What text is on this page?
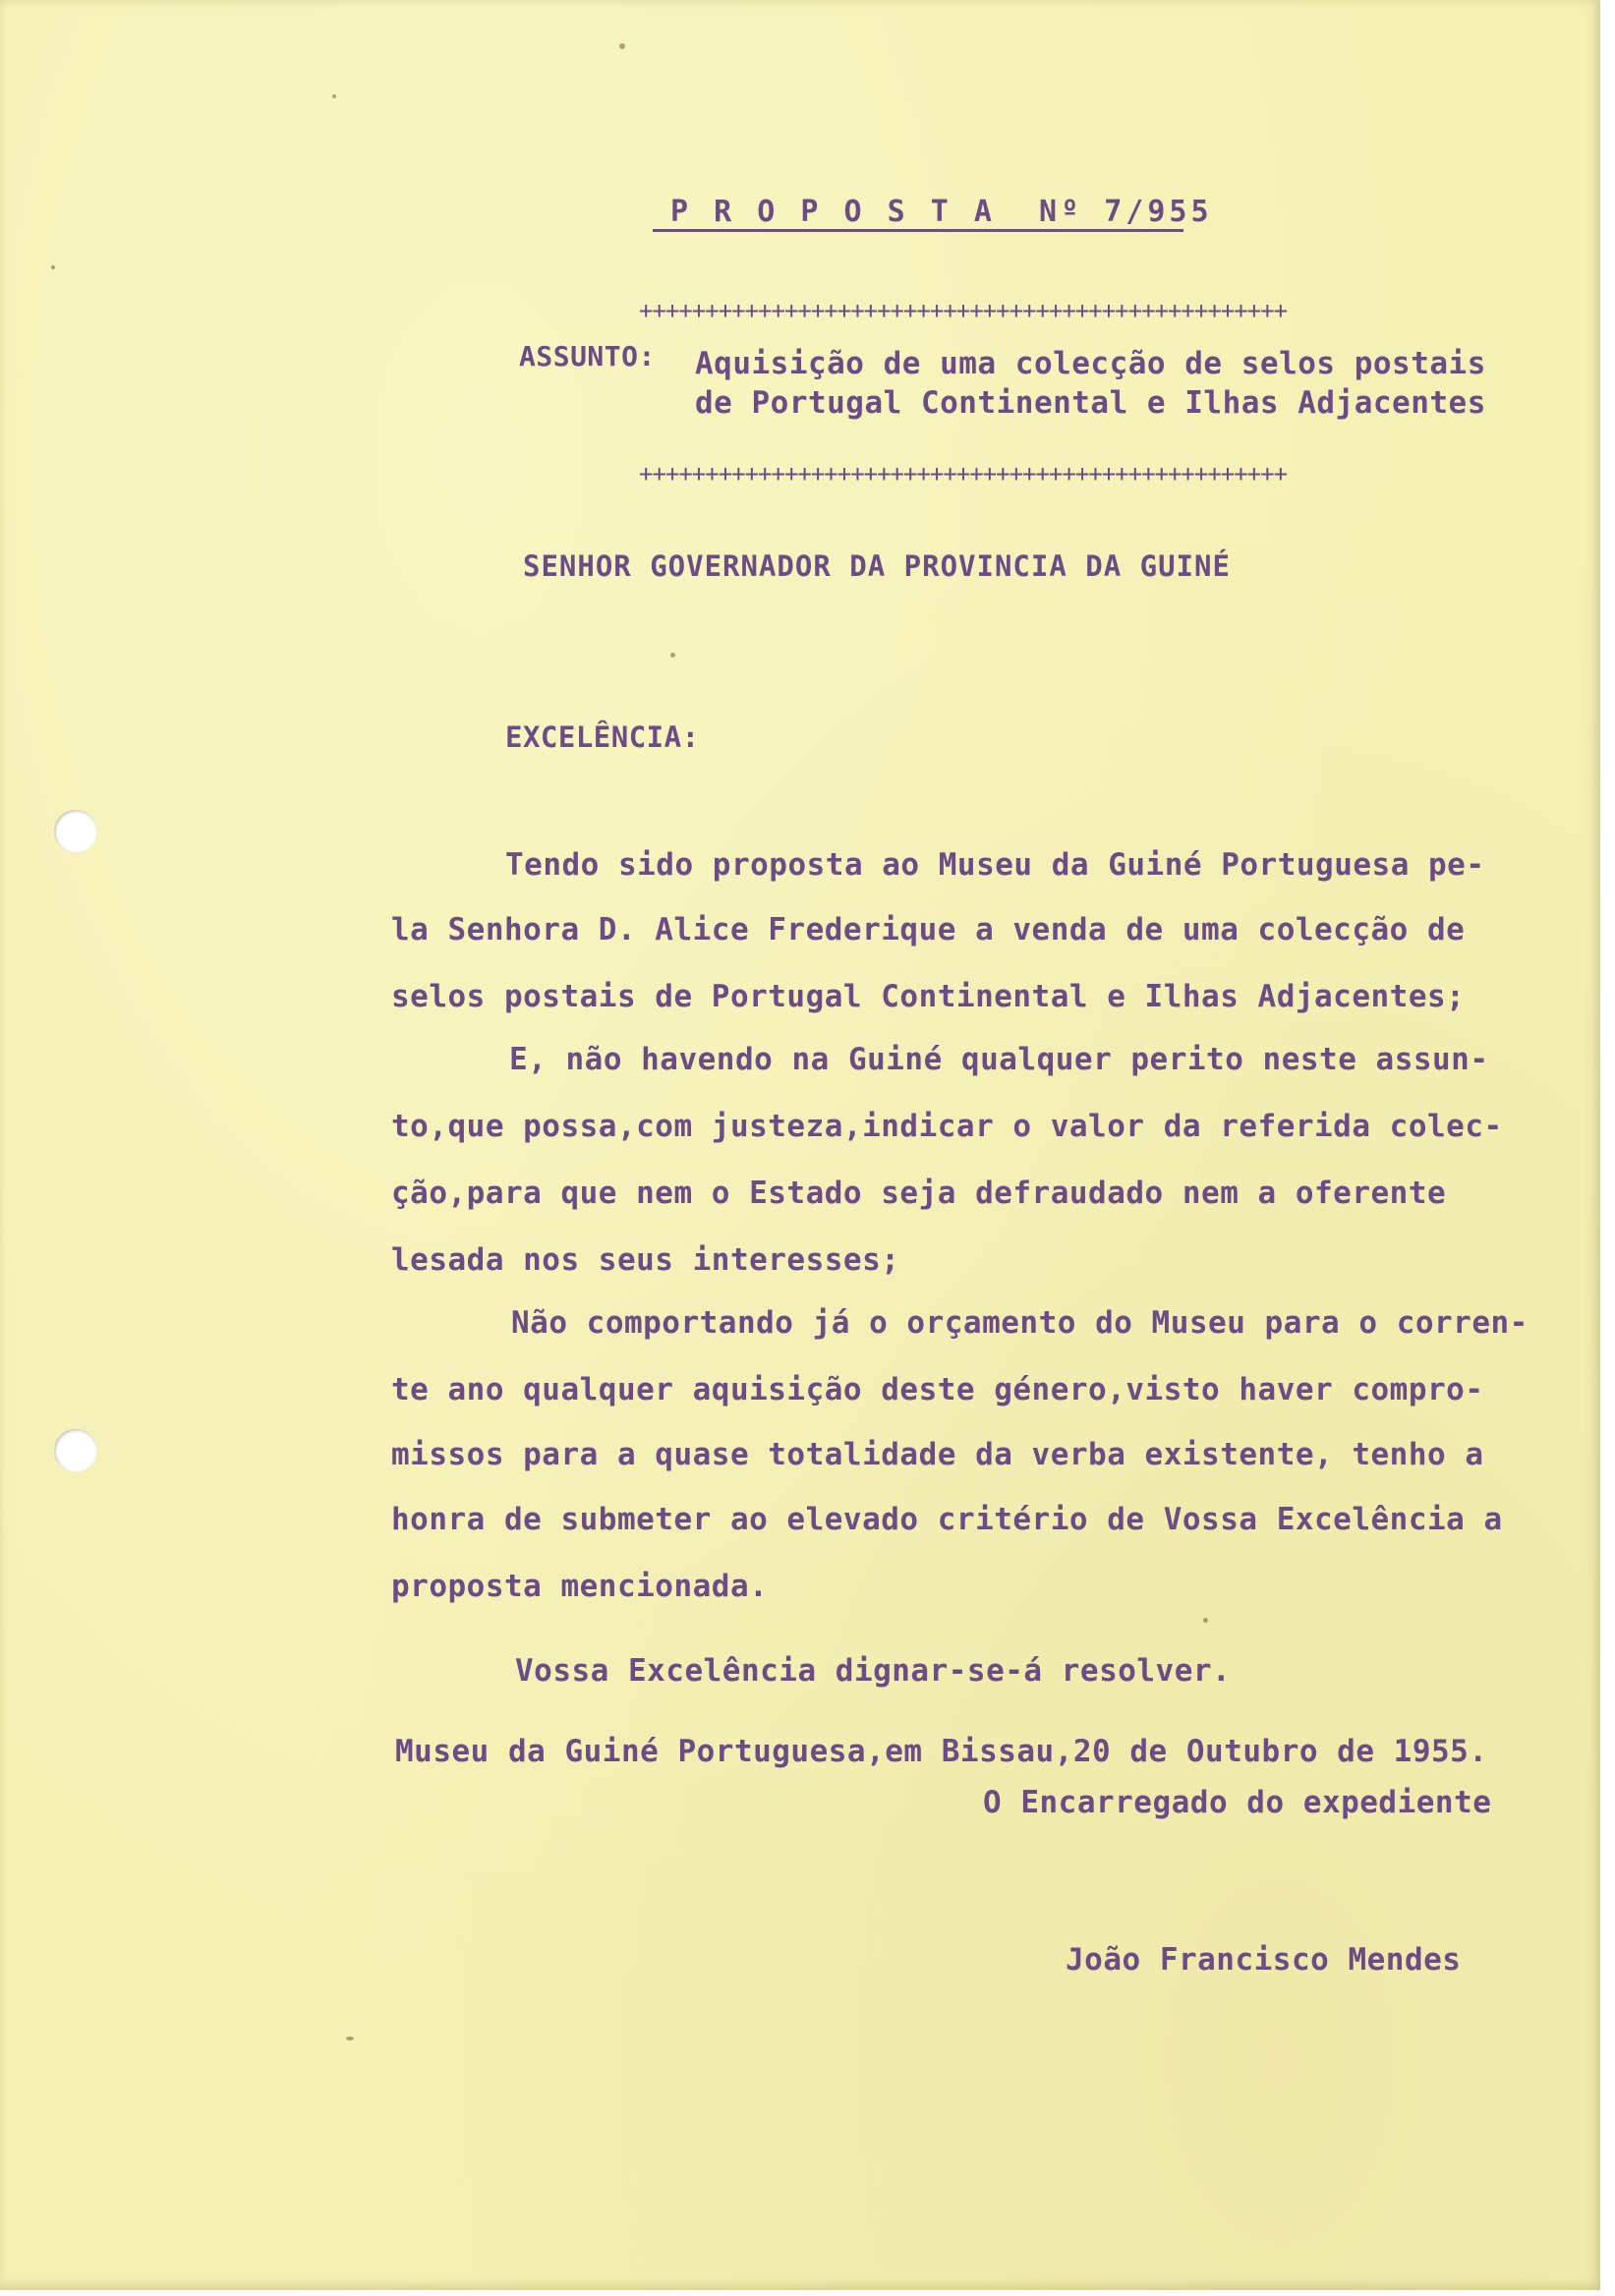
P R O P O S T A  Nº 7/955
+++++++++++++++++++++++++++++++++++++++++++++++++
ASSUNTO: Aquisição de uma colecção de selos postais
de Portugal Continental e Ilhas Adjacentes
+++++++++++++++++++++++++++++++++++++++++++++++++
SENHOR GOVERNADOR DA PROVINCIA DA GUINÉ
EXCELÊNCIA:
Tendo sido proposta ao Museu da Guiné Portuguesa pe-
la Senhora D. Alice Frederique a venda de uma colecção de
selos postais de Portugal Continental e Ilhas Adjacentes;
E, não havendo na Guiné qualquer perito neste assun-
to,que possa,com justeza,indicar o valor da referida colec-
ção,para que nem o Estado seja defraudado nem a oferente
lesada nos seus interesses;
Não comportando já o orçamento do Museu para o corren-
te ano qualquer aquisição deste género,visto haver compro-
missos para a quase totalidade da verba existente, tenho a
honra de submeter ao elevado critério de Vossa Excelência a
proposta mencionada.
Vossa Excelência dignar-se-á resolver.
Museu da Guiné Portuguesa,em Bissau,20 de Outubro de 1955.
O Encarregado do expediente
João Francisco Mendes
